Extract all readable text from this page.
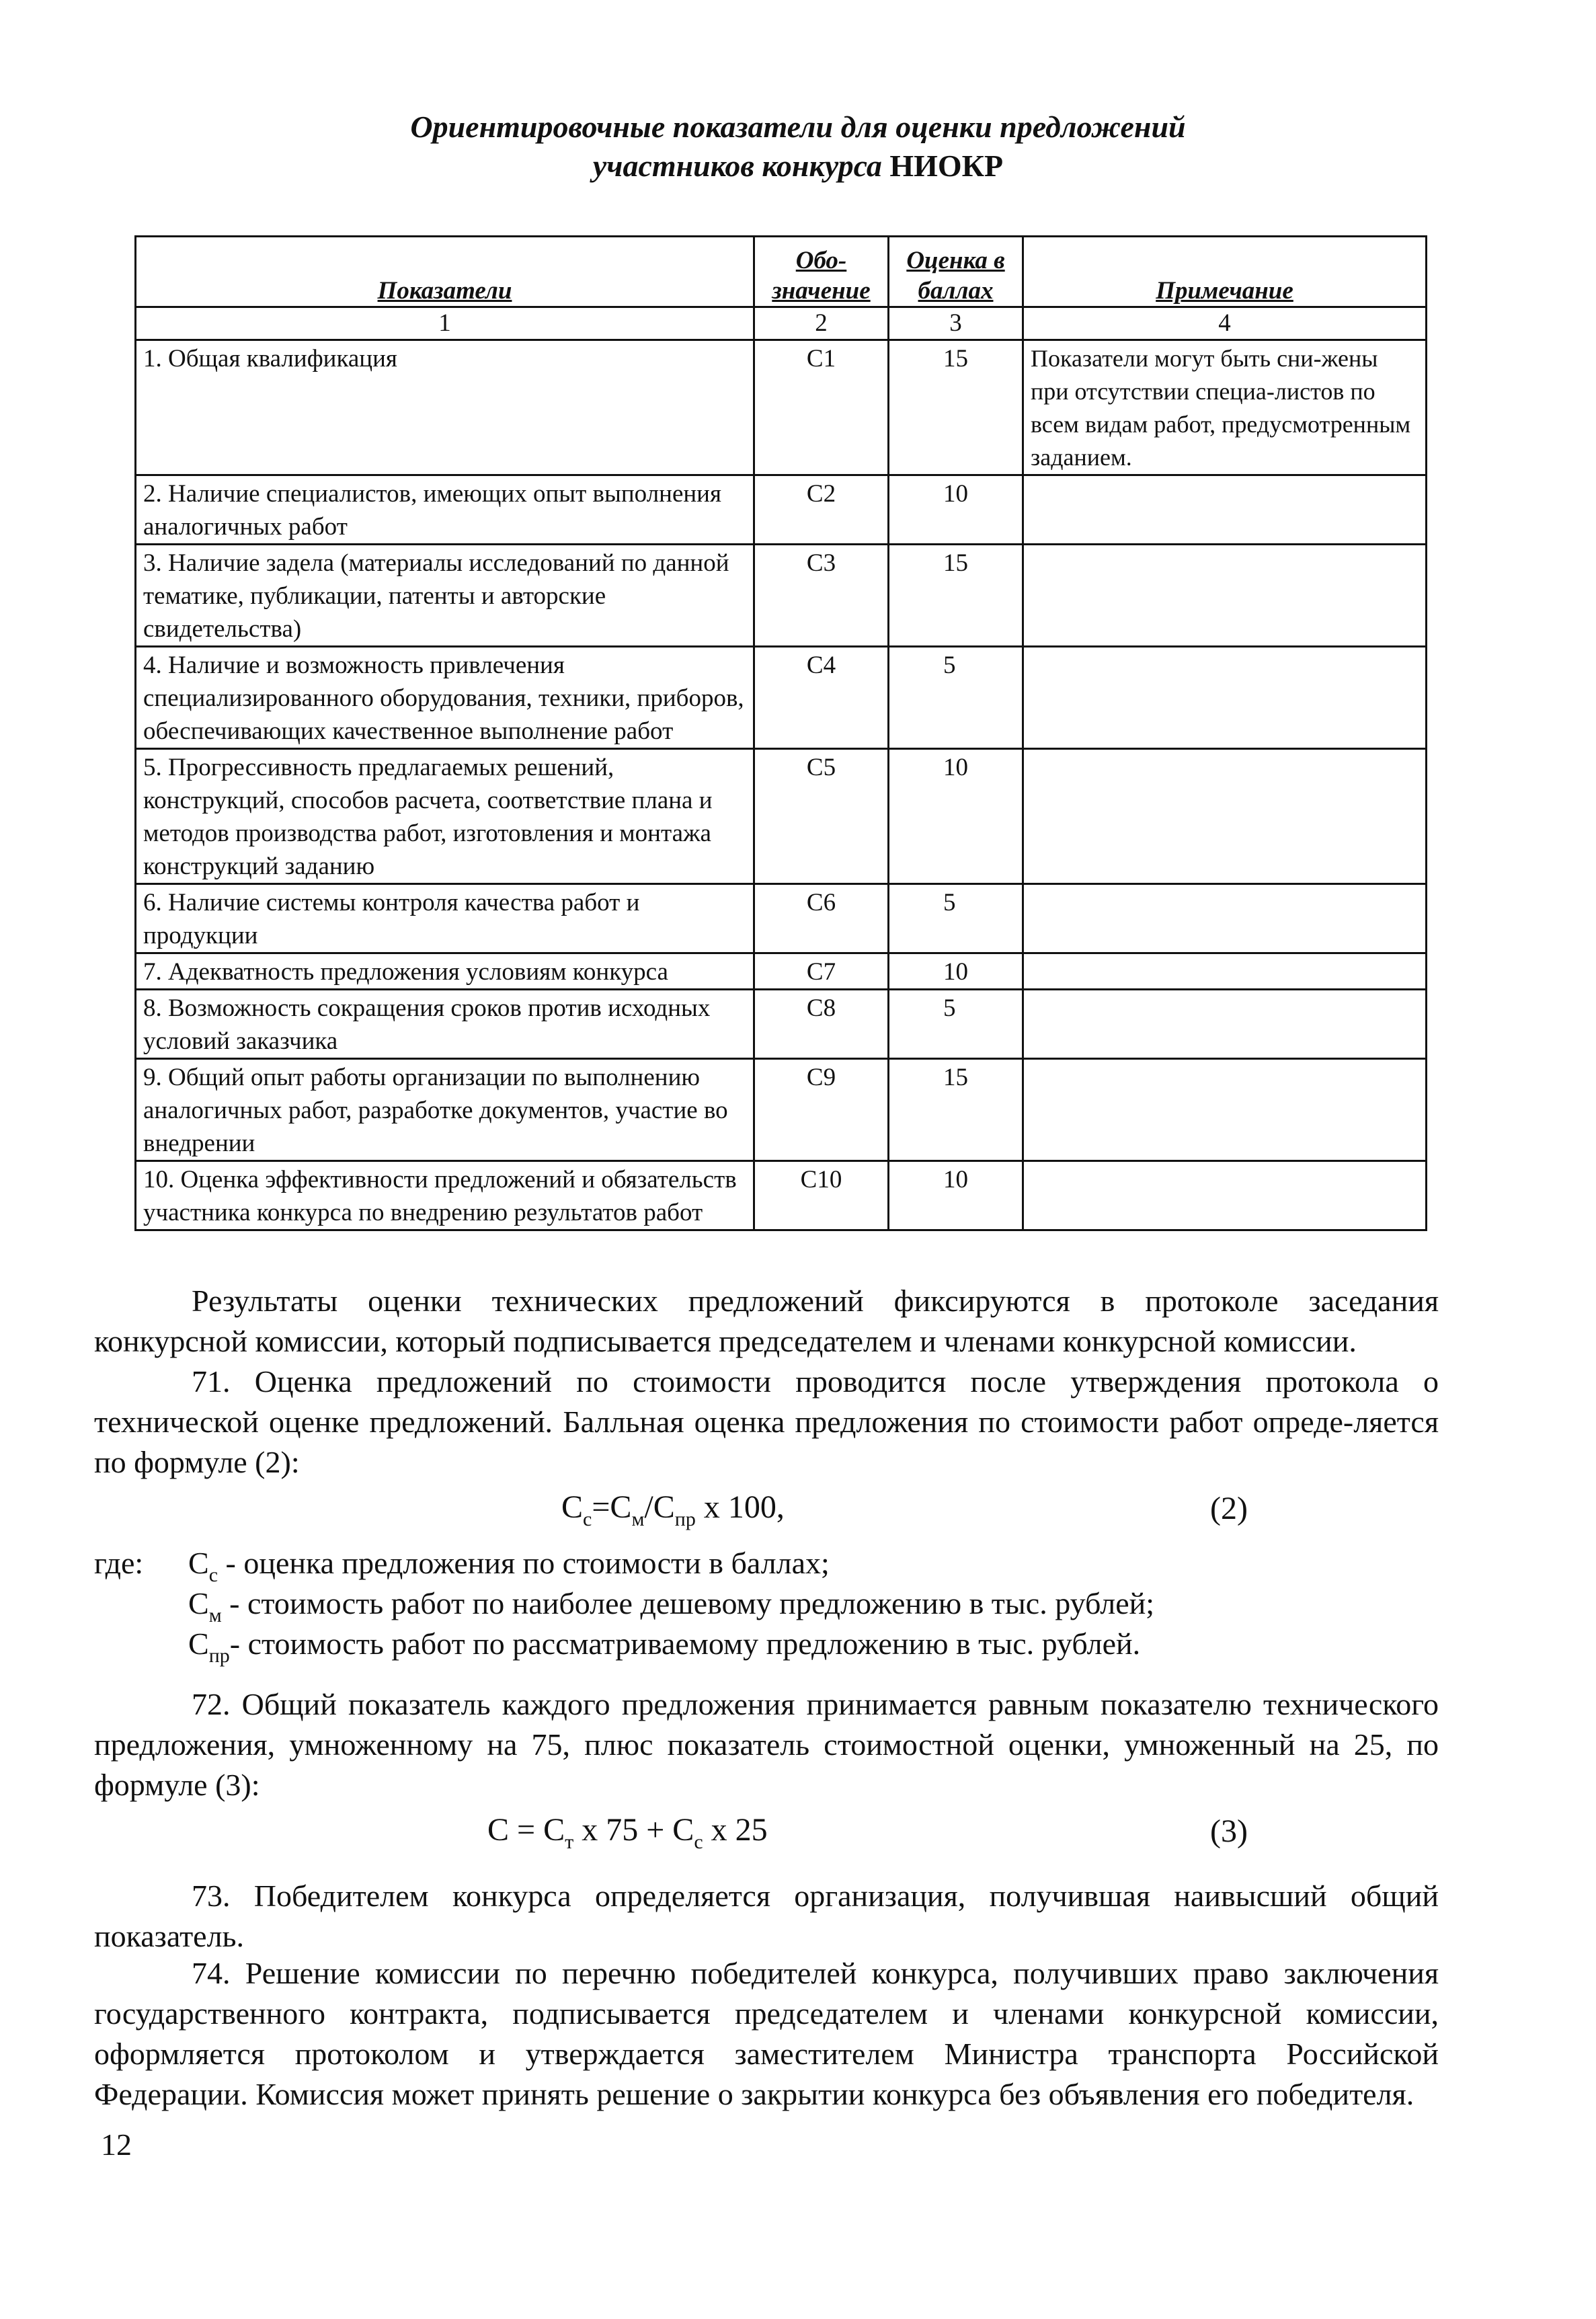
Ориентировочные показатели для оценки предложений
участников конкурса НИОКР
Показатели	Обо-значение	Оценка в баллах	Примечание
1	2	3	4
1. Общая квалификация	С1	15	Показатели могут быть сни-жены при отсутствии специа-листов по всем видам работ, предусмотренным заданием.
2. Наличие специалистов, имеющих опыт выполнения аналогичных работ	С2	10	
3. Наличие задела (материалы исследований по данной тематике, публикации, патенты и авторские свидетельства)	С3	15	
4. Наличие и возможность привлечения специализированного оборудования, техники, приборов, обеспечивающих качественное выполнение работ	С4	5	
5. Прогрессивность предлагаемых решений, конструкций, способов расчета, соответствие плана и методов производства работ, изготовления и монтажа конструкций заданию	С5	10	
6. Наличие системы контроля качества работ и продукции	С6	5	
7. Адекватность предложения условиям конкурса	С7	10	
8. Возможность сокращения сроков против исходных условий заказчика	С8	5	
9. Общий опыт работы организации по выполнению аналогичных работ, разработке документов, участие во внедрении	С9	15	
10. Оценка эффективности предложений и обязательств участника конкурса по внедрению результатов работ	С10	10	
Результаты оценки технических предложений фиксируются в протоколе заседания конкурсной комиссии, который подписывается председателем и членами конкурсной комиссии.
71. Оценка предложений по стоимости проводится после утверждения протокола о технической оценке предложений. Балльная оценка предложения по стоимости работ опреде-ляется по формуле (2):
$С_с=С_м/С_{пр}$ х 100,	(2)
где: $С_с$ - оценка предложения по стоимости в баллах;
$С_м$ - стоимость работ по наиболее дешевому предложению в тыс. рублей;
$С_{пр}-$ стоимость работ по рассматриваемому предложению в тыс. рублей.
72. Общий показатель каждого предложения принимается равным показателю технического предложения, умноженному на 75, плюс показатель стоимостной оценки, умноженный на 25, по формуле (3):
$С = С_т$ х $75 + С_с$ х 25	(3)
73. Победителем конкурса определяется организация, получившая наивысший общий показатель.
74. Решение комиссии по перечню победителей конкурса, получивших право заключения государственного контракта, подписывается председателем и членами конкурсной комиссии, оформляется протоколом и утверждается заместителем Министра транспорта Российской Федерации. Комиссия может принять решение о закрытии конкурса без объявления его победителя.
12
